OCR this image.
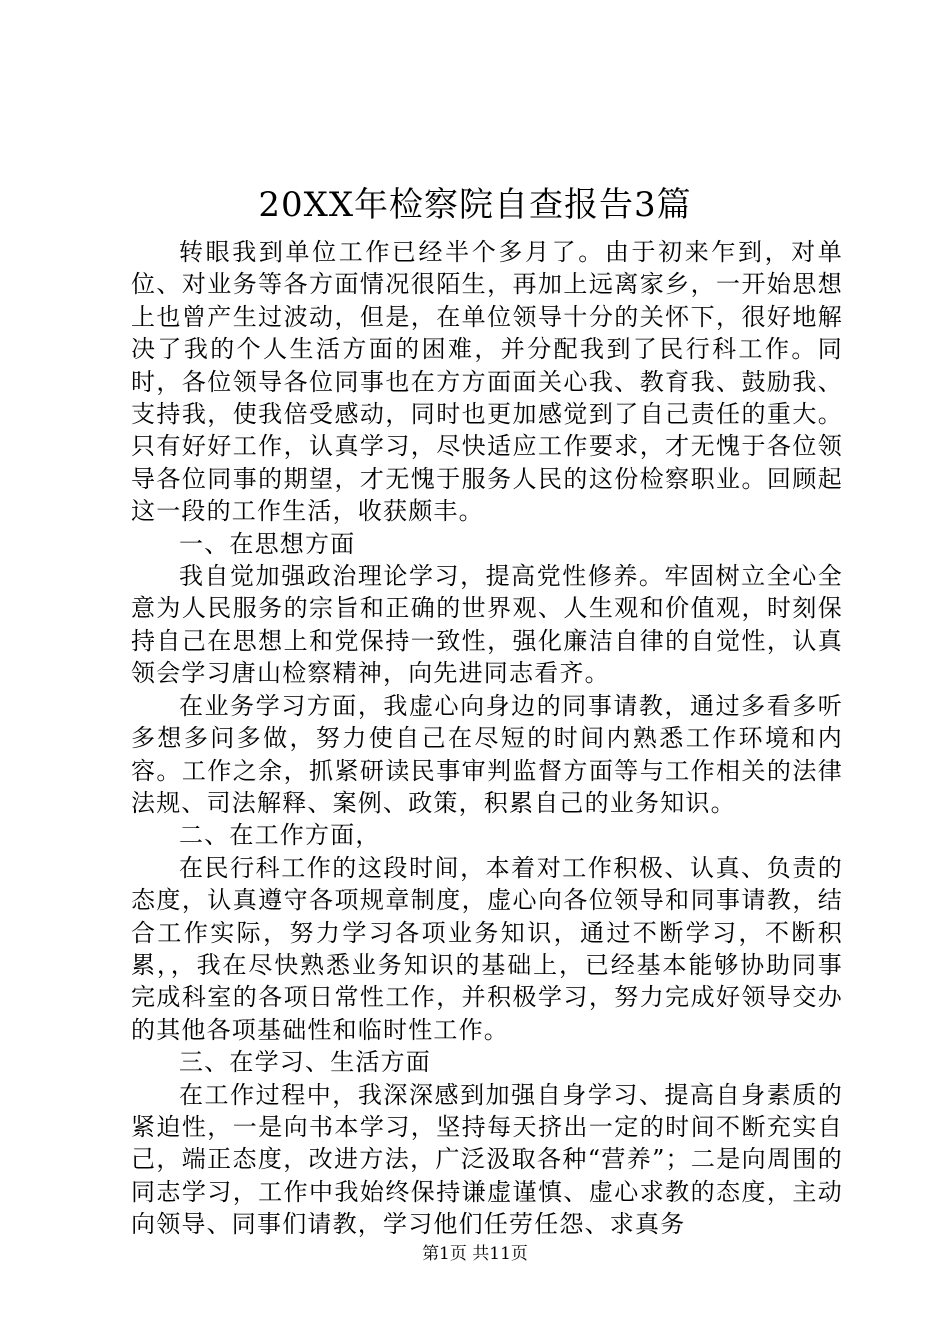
20XX年检察院自查报告3篇

转眼我到单位工作已经半个多月了。由于初来乍到，对单位、对业务等各方面情况很陌生，再加上远离家乡，一开始思想上也曾产生过波动，但是，在单位领导十分的关怀下，很好地解决了我的个人生活方面的困难，并分配我到了民行科工作。同时，各位领导各位同事也在方方面面关心我、教育我、鼓励我、支持我，使我倍受感动，同时也更加感觉到了自己责任的重大。只有好好工作，认真学习，尽快适应工作要求，才无愧于各位领导各位同事的期望，才无愧于服务人民的这份检察职业。回顾起这一段的工作生活，收获颇丰。

一、在思想方面

我自觉加强政治理论学习，提高党性修养。牢固树立全心全意为人民服务的宗旨和正确的世界观、人生观和价值观，时刻保持自己在思想上和党保持一致性，强化廉洁自律的自觉性，认真领会学习唐山检察精神，向先进同志看齐。

在业务学习方面，我虚心向身边的同事请教，通过多看多听多想多问多做，努力使自己在尽短的时间内熟悉工作环境和内容。工作之余，抓紧研读民事审判监督方面等与工作相关的法律法规、司法解释、案例、政策，积累自己的业务知识。

二、在工作方面，

在民行科工作的这段时间，本着对工作积极、认真、负责的态度，认真遵守各项规章制度，虚心向各位领导和同事请教，结合工作实际，努力学习各项业务知识，通过不断学习，不断积累，，我在尽快熟悉业务知识的基础上，已经基本能够协助同事完成科室的各项日常性工作，并积极学习，努力完成好领导交办的其他各项基础性和临时性工作。

三、在学习、生活方面

在工作过程中，我深深感到加强自身学习、提高自身素质的紧迫性，一是向书本学习，坚持每天挤出一定的时间不断充实自己，端正态度，改进方法，广泛汲取各种“营养”；二是向周围的同志学习，工作中我始终保持谦虚谨慎、虚心求教的态度，主动向领导、同事们请教，学习他们任劳任怨、求真务

第1页 共11页
